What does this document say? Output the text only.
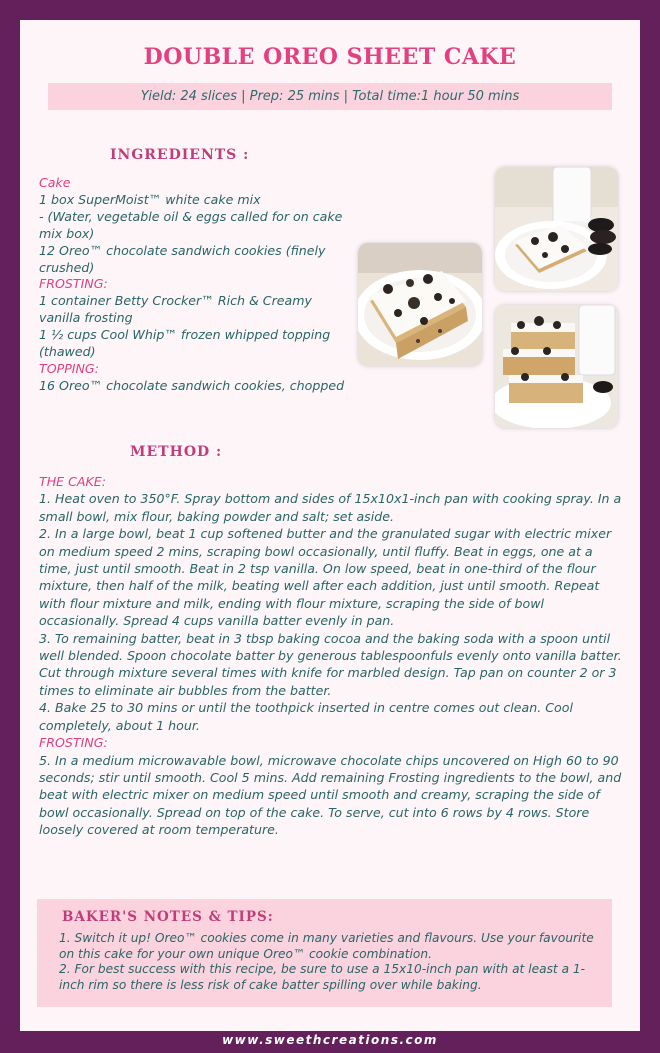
DOUBLE OREO SHEET CAKE
Yield: 24 slices | Prep: 25 mins | Total time:1 hour 50 mins
INGREDIENTS :
Cake
1 box SuperMoist™ white cake mix
- (Water, vegetable oil & eggs called for on cake mix box)
12 Oreo™ chocolate sandwich cookies (finely crushed)
FROSTING:
1 container Betty Crocker™ Rich & Creamy vanilla frosting
1 ½ cups Cool Whip™ frozen whipped topping (thawed)
TOPPING:
16 Oreo™ chocolate sandwich cookies, chopped
METHOD :
THE CAKE:
1. Heat oven to 350°F. Spray bottom and sides of 15x10x1-inch pan with cooking spray. In a small bowl, mix flour, baking powder and salt; set aside.
2. In a large bowl, beat 1 cup softened butter and the granulated sugar with electric mixer on medium speed 2 mins, scraping bowl occasionally, until fluffy. Beat in eggs, one at a time, just until smooth. Beat in 2 tsp vanilla. On low speed, beat in one-third of the flour mixture, then half of the milk, beating well after each addition, just until smooth. Repeat with flour mixture and milk, ending with flour mixture, scraping the side of bowl occasionally. Spread 4 cups vanilla batter evenly in pan.
3. To remaining batter, beat in 3 tbsp baking cocoa and the baking soda with a spoon until well blended. Spoon chocolate batter by generous tablespoonfuls evenly onto vanilla batter. Cut through mixture several times with knife for marbled design. Tap pan on counter 2 or 3 times to eliminate air bubbles from the batter.
4. Bake 25 to 30 mins or until the toothpick inserted in centre comes out clean. Cool completely, about 1 hour.
FROSTING:
5. In a medium microwavable bowl, microwave chocolate chips uncovered on High 60 to 90 seconds; stir until smooth. Cool 5 mins. Add remaining Frosting ingredients to the bowl, and beat with electric mixer on medium speed until smooth and creamy, scraping the side of bowl occasionally. Spread on top of the cake. To serve, cut into 6 rows by 4 rows. Store loosely covered at room temperature.
BAKER'S NOTES & TIPS:
1. Switch it up! Oreo™ cookies come in many varieties and flavours. Use your favourite on this cake for your own unique Oreo™ cookie combination.
2. For best success with this recipe, be sure to use a 15x10-inch pan with at least a 1-inch rim so there is less risk of cake batter spilling over while baking.
www.sweethcreations.com
